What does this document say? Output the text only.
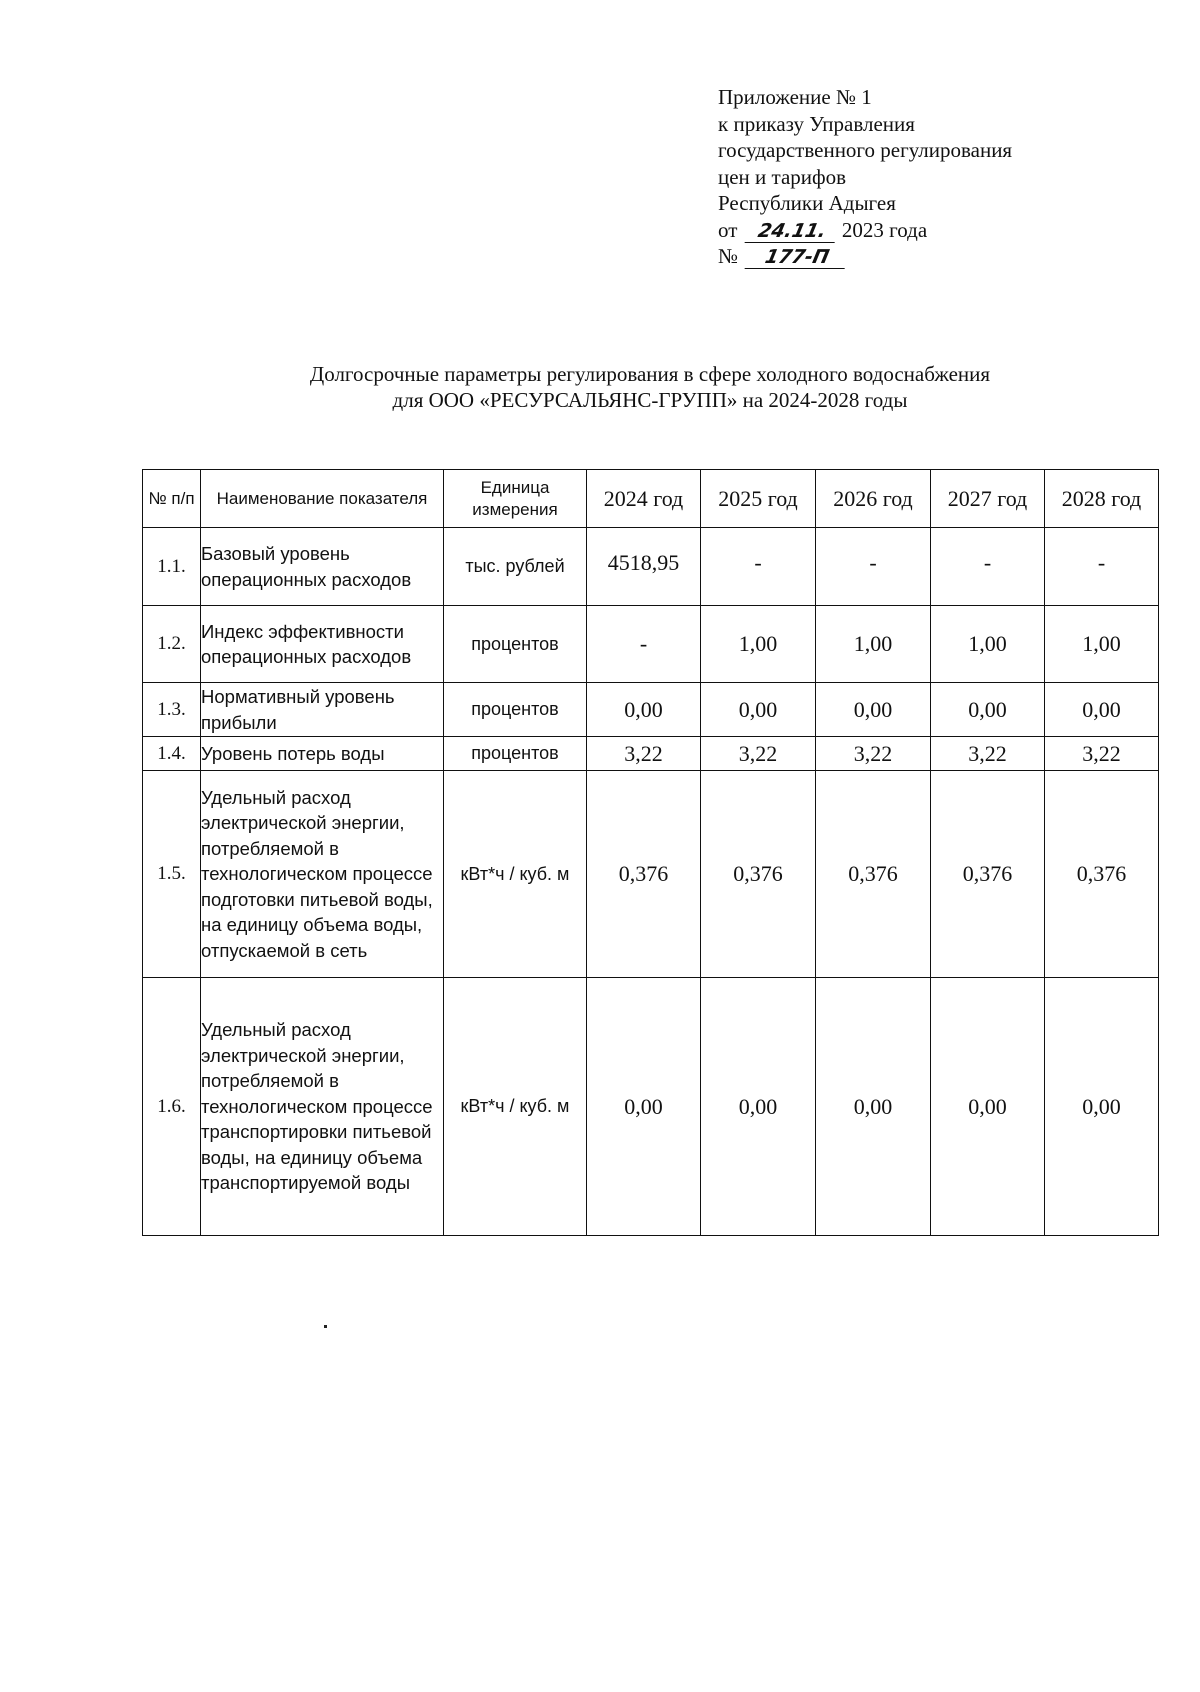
Приложение № 1
к приказу Управления
государственного регулирования
цен и тарифов
Республики Адыгея
от 24.11. 2023 года
№ 177-П
Долгосрочные параметры регулирования в сфере холодного водоснабжения
для ООО «РЕСУРСАЛЬЯНС-ГРУПП» на 2024-2028 годы
№ п/п	Наименование показателя	Единица измерения	2024 год	2025 год	2026 год	2027 год	2028 год
1.1.	Базовый уровень операционных расходов	тыс. рублей	4518,95	-	-	-	-
1.2.	Индекс эффективности операционных расходов	процентов	-	1,00	1,00	1,00	1,00
1.3.	Нормативный уровень прибыли	процентов	0,00	0,00	0,00	0,00	0,00
1.4.	Уровень потерь воды	процентов	3,22	3,22	3,22	3,22	3,22
1.5.	Удельный расход электрической энергии, потребляемой в технологическом процессе подготовки питьевой воды, на единицу объема воды, отпускаемой в сеть	кВт*ч / куб. м	0,376	0,376	0,376	0,376	0,376
1.6.	Удельный расход электрической энергии, потребляемой в технологическом процессе транспортировки питьевой воды, на единицу объема транспортируемой воды	кВт*ч / куб. м	0,00	0,00	0,00	0,00	0,00
